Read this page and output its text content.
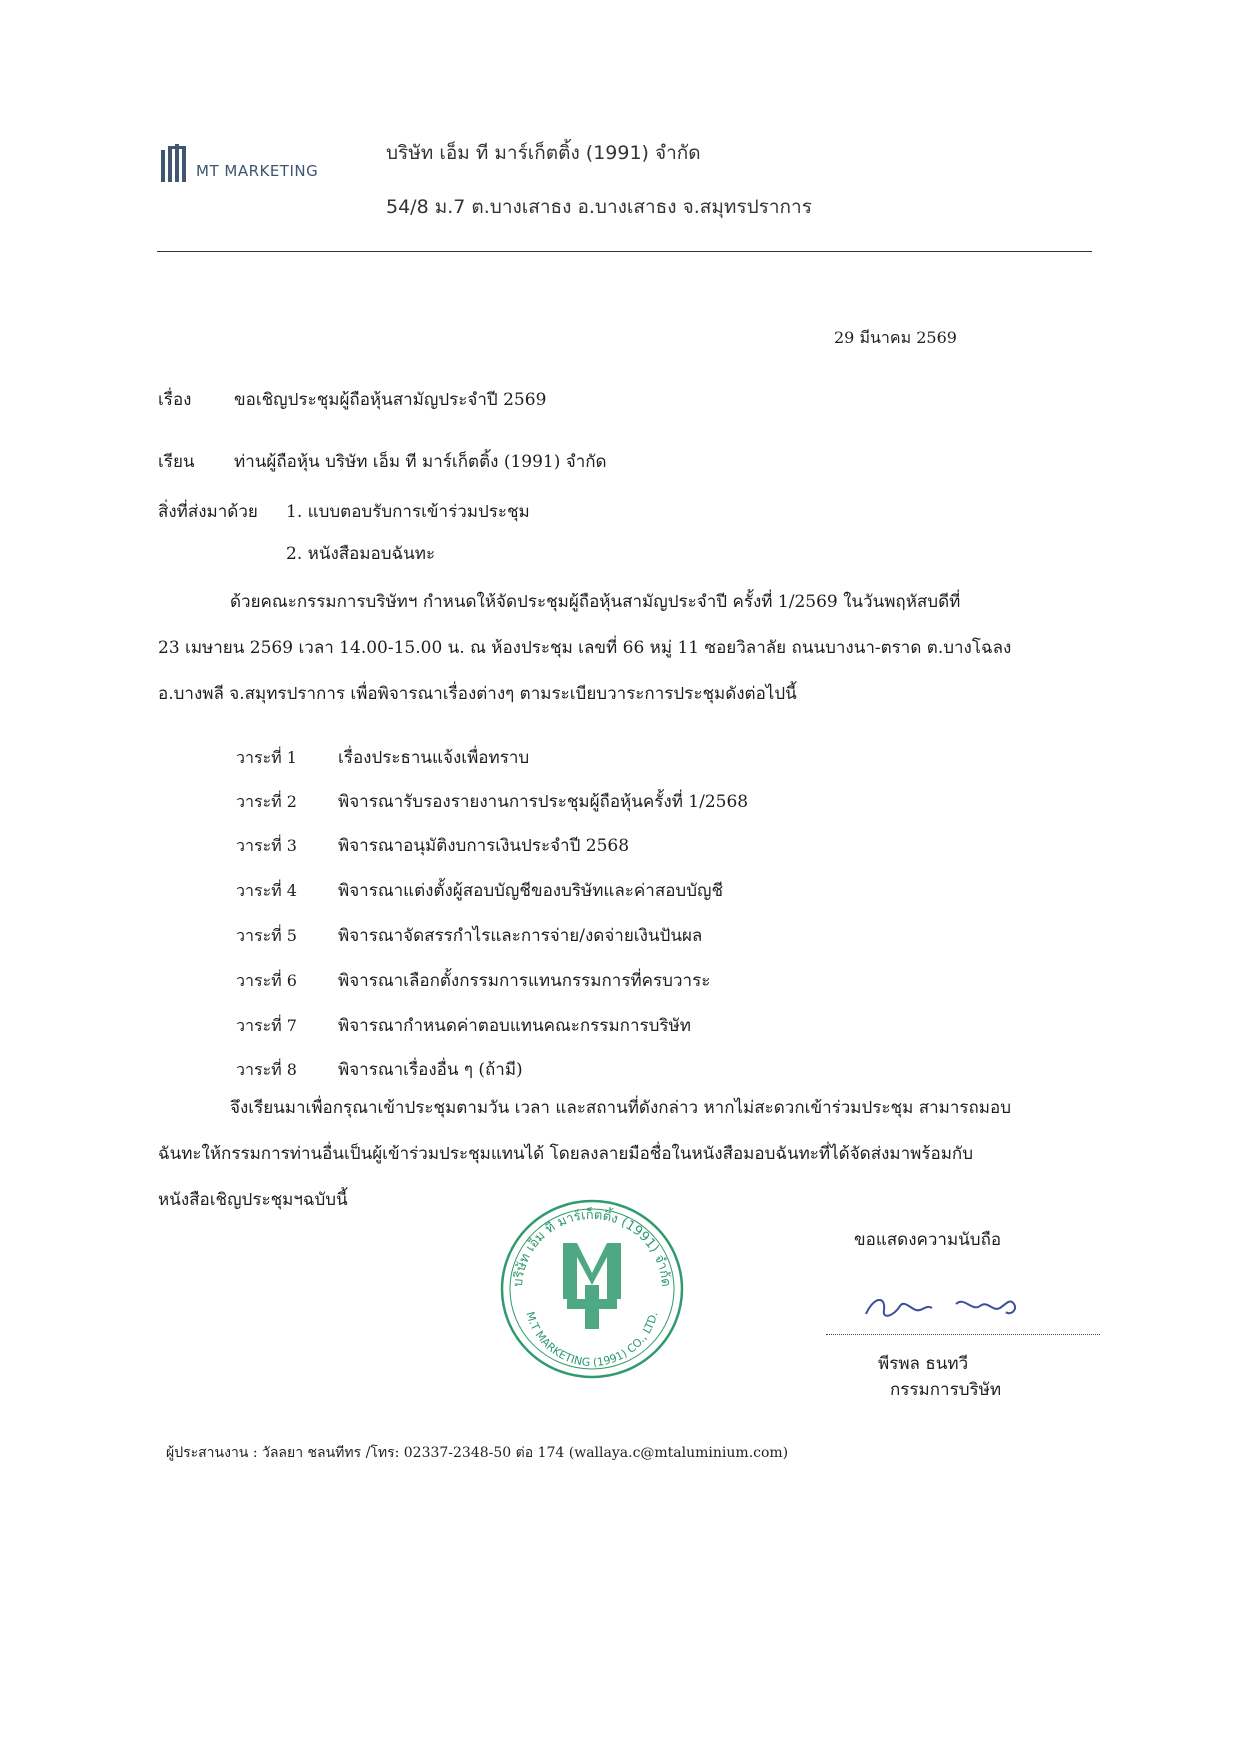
MT MARKETING
บริษัท เอ็ม ที มาร์เก็ตติ้ง (1991) จำกัด
54/8 ม.7 ต.บางเสาธง อ.บางเสาธง จ.สมุทรปราการ
29 มีนาคม 2569
เรื่อง	ขอเชิญประชุมผู้ถือหุ้นสามัญประจำปี 2569
เรียน ท่านผู้ถือหุ้น บริษัท เอ็ม ที มาร์เก็ตติ้ง (1991) จำกัด
สิ่งที่ส่งมาด้วย 1. แบบตอบรับการเข้าร่วมประชุม
2. หนังสือมอบฉันทะ
ด้วยคณะกรรมการบริษัทฯ กำหนดให้จัดประชุมผู้ถือหุ้นสามัญประจำปี ครั้งที่ 1/2569 ในวันพฤหัสบดีที่
23 เมษายน 2569 เวลา 14.00-15.00 น. ณ ห้องประชุม เลขที่ 66 หมู่ 11 ซอยวิลาลัย ถนนบางนา-ตราด ต.บางโฉลง
อ.บางพลี จ.สมุทรปราการ เพื่อพิจารณาเรื่องต่างๆ ตามระเบียบวาระการประชุมดังต่อไปนี้
วาระที่ 1 เรื่องประธานแจ้งเพื่อทราบ
วาระที่ 2 พิจารณารับรองรายงานการประชุมผู้ถือหุ้นครั้งที่ 1/2568
วาระที่ 3 พิจารณาอนุมัติงบการเงินประจำปี 2568
วาระที่ 4 พิจารณาแต่งตั้งผู้สอบบัญชีของบริษัทและค่าสอบบัญชี
วาระที่ 5 พิจารณาจัดสรรกำไรและการจ่าย/งดจ่ายเงินปันผล
วาระที่ 6 พิจารณาเลือกตั้งกรรมการแทนกรรมการที่ครบวาระ
วาระที่ 7 พิจารณากำหนดค่าตอบแทนคณะกรรมการบริษัท
วาระที่ 8 พิจารณาเรื่องอื่น ๆ (ถ้ามี)
จึงเรียนมาเพื่อกรุณาเข้าประชุมตามวัน เวลา และสถานที่ดังกล่าว หากไม่สะดวกเข้าร่วมประชุม สามารถมอบ
ฉันทะให้กรรมการท่านอื่นเป็นผู้เข้าร่วมประชุมแทนได้ โดยลงลายมือชื่อในหนังสือมอบฉันทะที่ได้จัดส่งมาพร้อมกับ
หนังสือเชิญประชุมฯฉบับนี้
บริษัท เอ็ม ที มาร์เก็ตติ้ง (1991) จำกัด
M.T MARKETING (1991) CO., LTD.
ขอแสดงความนับถือ
พีรพล ธนทวี
กรรมการบริษัท
ผู้ประสานงาน : วัลลยา ชลนทีทร /โทร: 02337-2348-50 ต่อ 174 (wallaya.c@mtaluminium.com)
